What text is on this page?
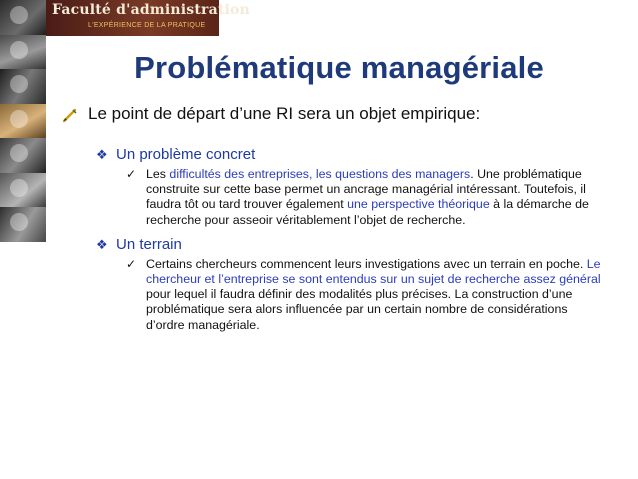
Faculté d'administration
L'EXPÉRIENCE DE LA PRATIQUE
Problématique managériale
Le point de départ d’une RI sera un objet empirique:
❖ Un problème concret
✓ Les difficultés des entreprises, les questions des managers. Une problématique construite sur cette base permet un ancrage managérial intéressant. Toutefois, il faudra tôt ou tard trouver également une perspective théorique à la démarche de recherche pour asseoir véritablement l’objet de recherche.
❖ Un terrain
✓ Certains chercheurs commencent leurs investigations avec un terrain en poche. Le chercheur et l’entreprise se sont entendus sur un sujet de recherche assez général pour lequel il faudra définir des modalités plus précises. La construction d’une problématique sera alors influencée par un certain nombre de considérations d’ordre managériale.
